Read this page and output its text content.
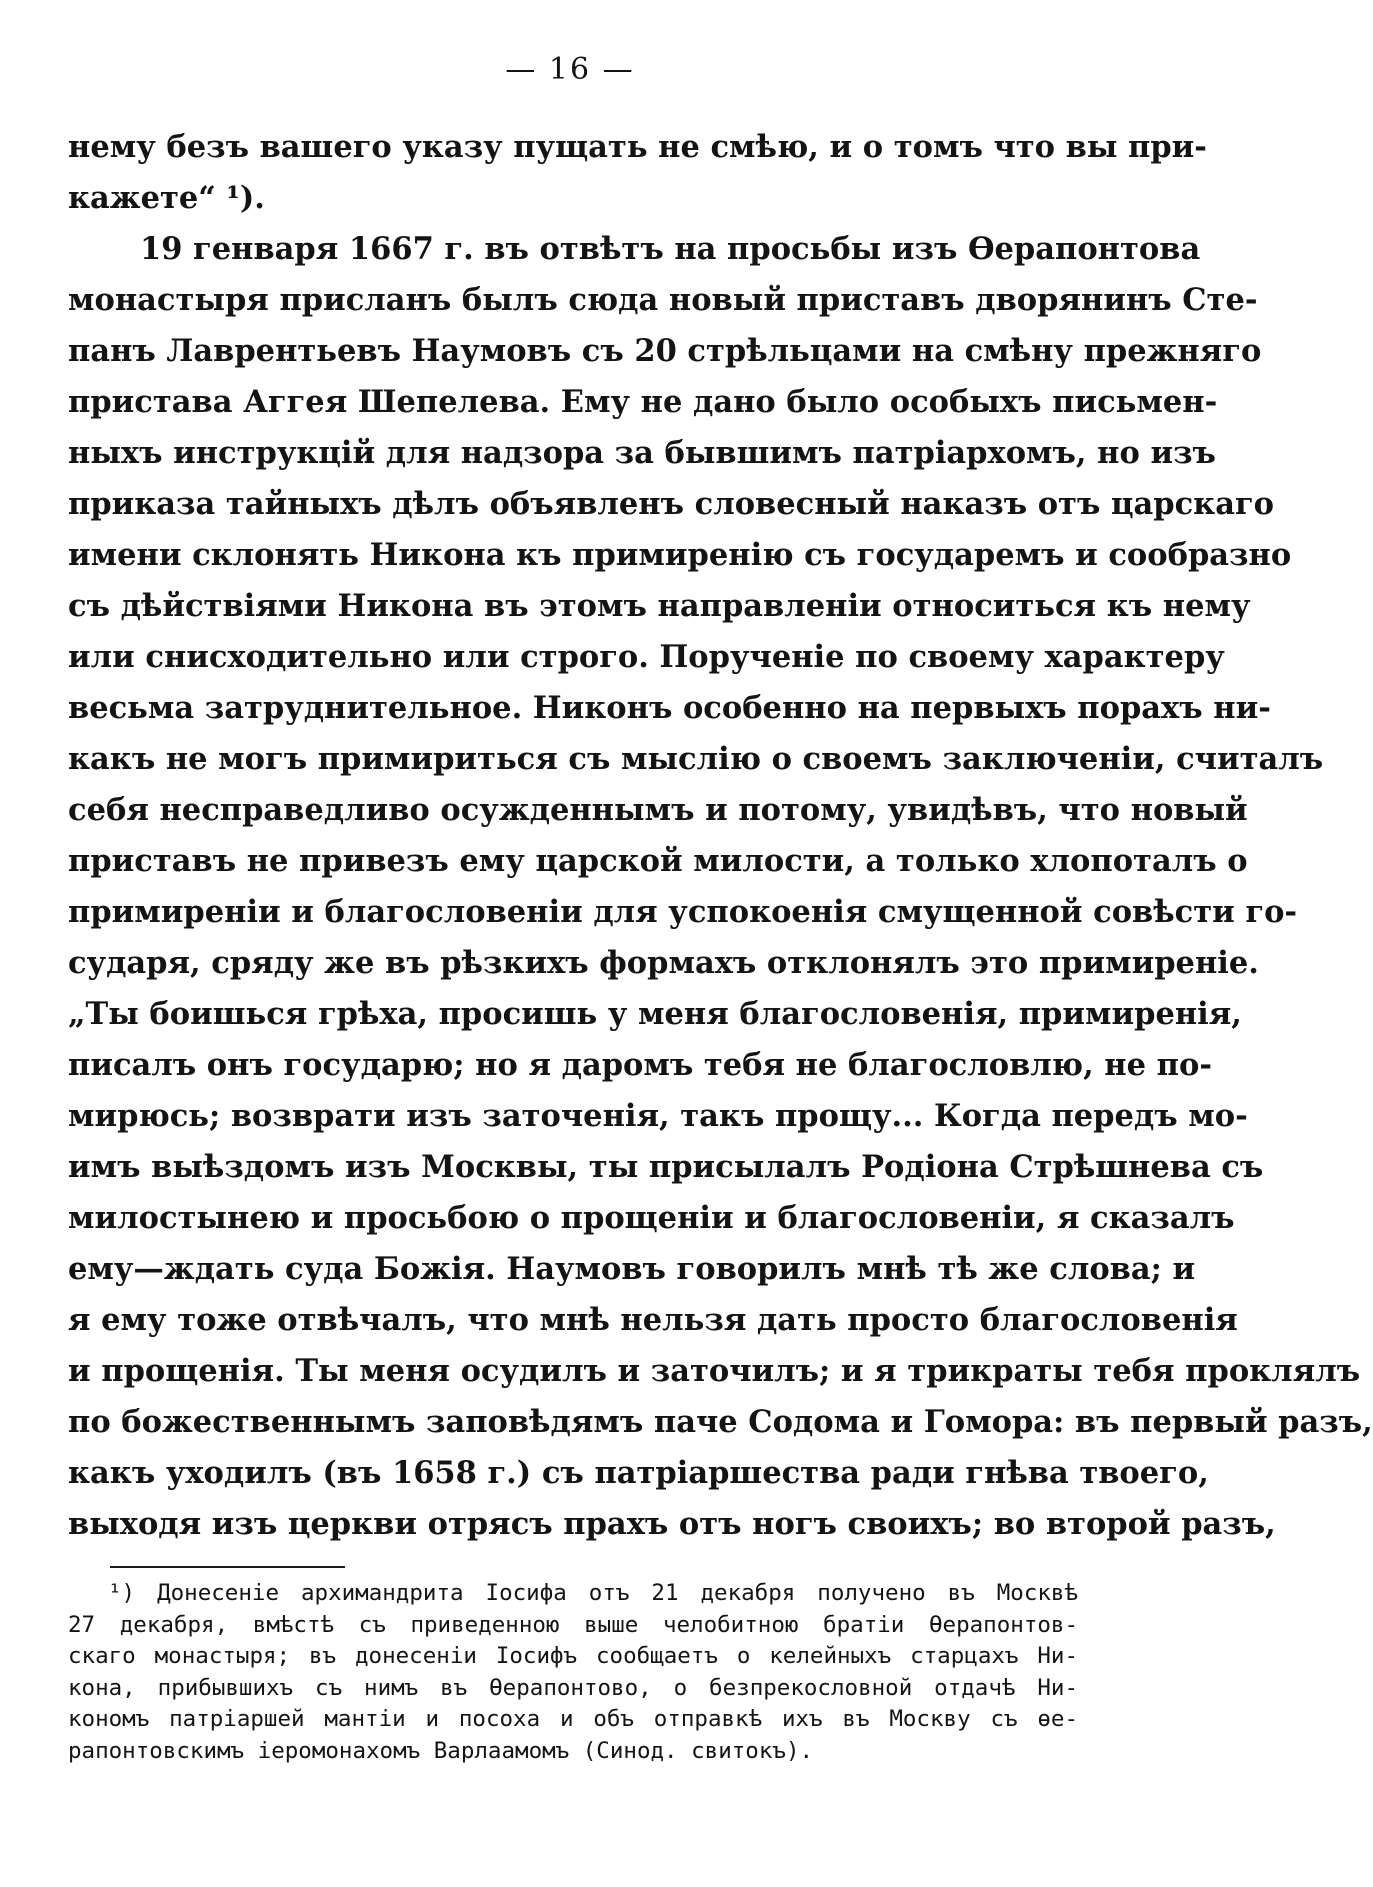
— 16 —
нему безъ вашего указу пущать не смѣю, и о томъ что вы при-
кажете“ ¹).
19 генваря 1667 г. въ отвѣтъ на просьбы изъ Ѳерапонтова
монастыря присланъ былъ сюда новый приставъ дворянинъ Сте-
панъ Лаврентьевъ Наумовъ съ 20 стрѣльцами на смѣну прежняго
пристава Аггея Шепелева. Ему не дано было особыхъ письмен-
ныхъ инструкцій для надзора за бывшимъ патріархомъ, но изъ
приказа тайныхъ дѣлъ объявленъ словесный наказъ отъ царскаго
имени склонять Никона къ примиренію съ государемъ и сообразно
съ дѣйствіями Никона въ этомъ направленіи относиться къ нему
или снисходительно или строго. Порученіе по своему характеру
весьма затруднительное. Никонъ особенно на первыхъ порахъ ни-
какъ не могъ примириться съ мыслію о своемъ заключеніи, считалъ
себя несправедливо осужденнымъ и потому, увидѣвъ, что новый
приставъ не привезъ ему царской милости, а только хлопоталъ о
примиреніи и благословеніи для успокоенія смущенной совѣсти го-
сударя, сряду же въ рѣзкихъ формахъ отклонялъ это примиреніе.
„Ты боишься грѣха, просишь у меня благословенія, примиренія,
писалъ онъ государю; но я даромъ тебя не благословлю, не по-
мирюсь; возврати изъ заточенія, такъ прощу... Когда передъ мо-
имъ выѣздомъ изъ Москвы, ты присылалъ Родіона Стрѣшнева съ
милостынею и просьбою о прощеніи и благословеніи, я сказалъ
ему—ждать суда Божія. Наумовъ говорилъ мнѣ тѣ же слова; и
я ему тоже отвѣчалъ, что мнѣ нельзя дать просто благословенія
и прощенія. Ты меня осудилъ и заточилъ; и я трикраты тебя проклялъ
по божественнымъ заповѣдямъ паче Содома и Гомора: въ первый разъ,
какъ уходилъ (въ 1658 г.) съ патріаршества ради гнѣва твоего,
выходя изъ церкви отрясъ прахъ отъ ногъ своихъ; во второй разъ,
¹) Донесеніе архимандрита Іосифа отъ 21 декабря получено въ Москвѣ
27 декабря, вмѣстѣ съ приведенною выше челобитною братіи Ѳерапонтов-
скаго монастыря; въ донесеніи Іосифъ сообщаетъ о келейныхъ старцахъ Ни-
кона, прибывшихъ съ нимъ въ Ѳерапонтово, о безпрекословной отдачѣ Ни-
кономъ патріаршей мантіи и посоха и объ отправкѣ ихъ въ Москву съ ѳе-
рапонтовскимъ іеромонахомъ Варлаамомъ (Синод. свитокъ).
